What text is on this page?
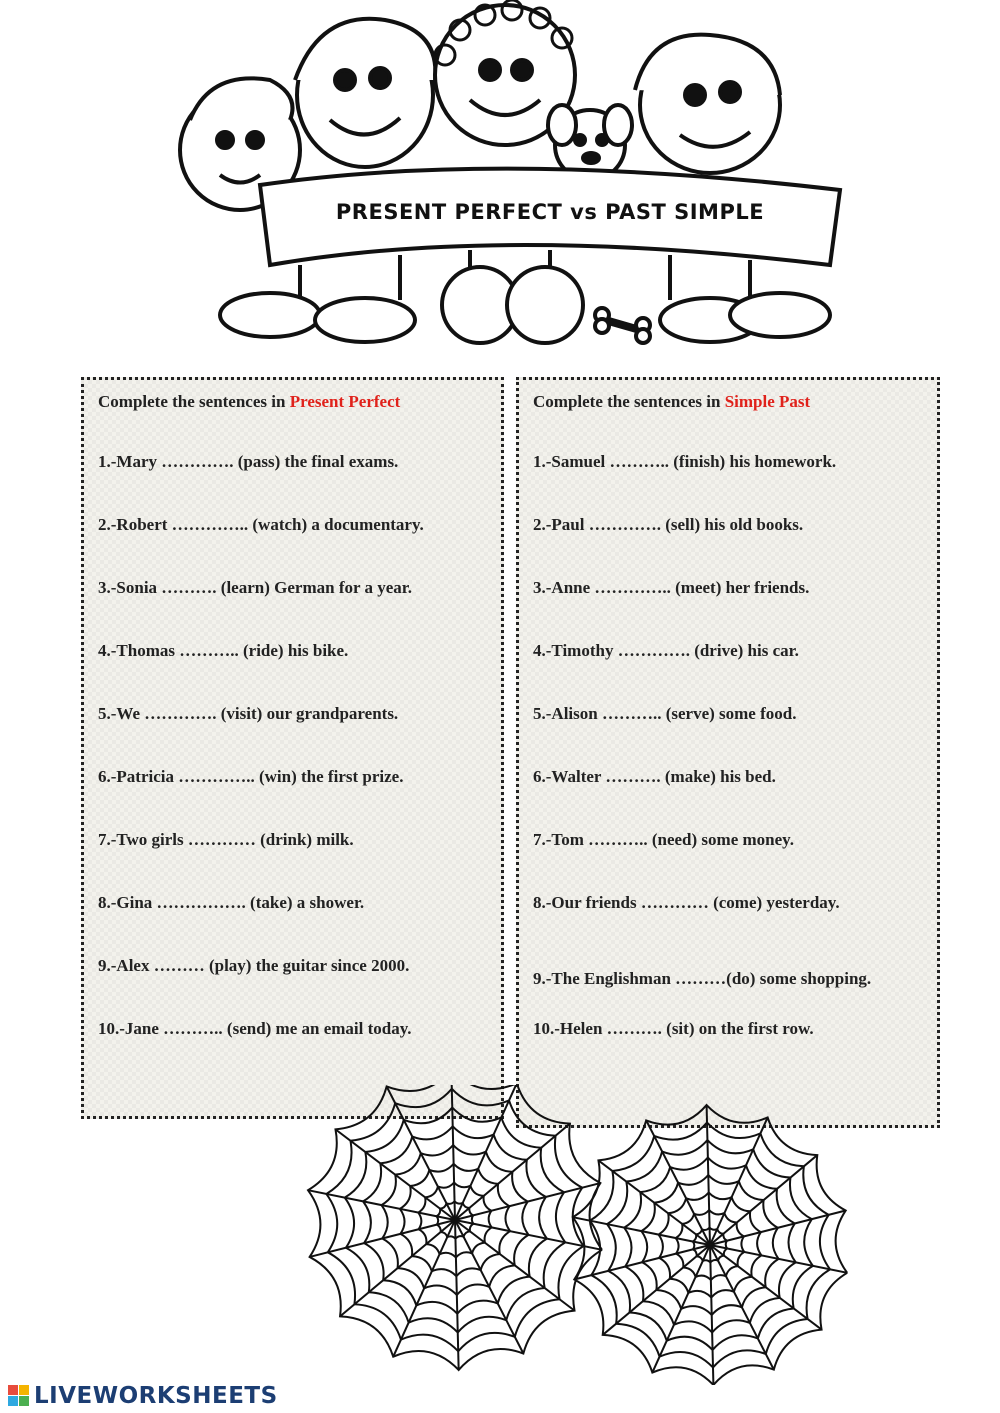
PRESENT PERFECT vs PAST SIMPLE
Complete the sentences in Present Perfect
1.-Mary …………. (pass) the final exams.
2.-Robert ………….. (watch) a documentary.
3.-Sonia ………. (learn) German for a year.
4.-Thomas ……….. (ride) his bike.
5.-We …………. (visit) our grandparents.
6.-Patricia ………….. (win) the first prize.
7.-Two girls ………… (drink) milk.
8.-Gina ……………. (take) a shower.
9.-Alex ……… (play) the guitar since 2000.
10.-Jane ……….. (send) me an email today.
Complete the sentences in Simple Past
1.-Samuel ……….. (finish) his homework.
2.-Paul …………. (sell) his old books.
3.-Anne ………….. (meet) her friends.
4.-Timothy …………. (drive) his car.
5.-Alison ……….. (serve) some food.
6.-Walter ………. (make) his bed.
7.-Tom ……….. (need) some money.
8.-Our friends ………… (come) yesterday.
9.-The Englishman ………(do) some shopping.
10.-Helen ………. (sit) on the first row.
LIVEWORKSHEETS
